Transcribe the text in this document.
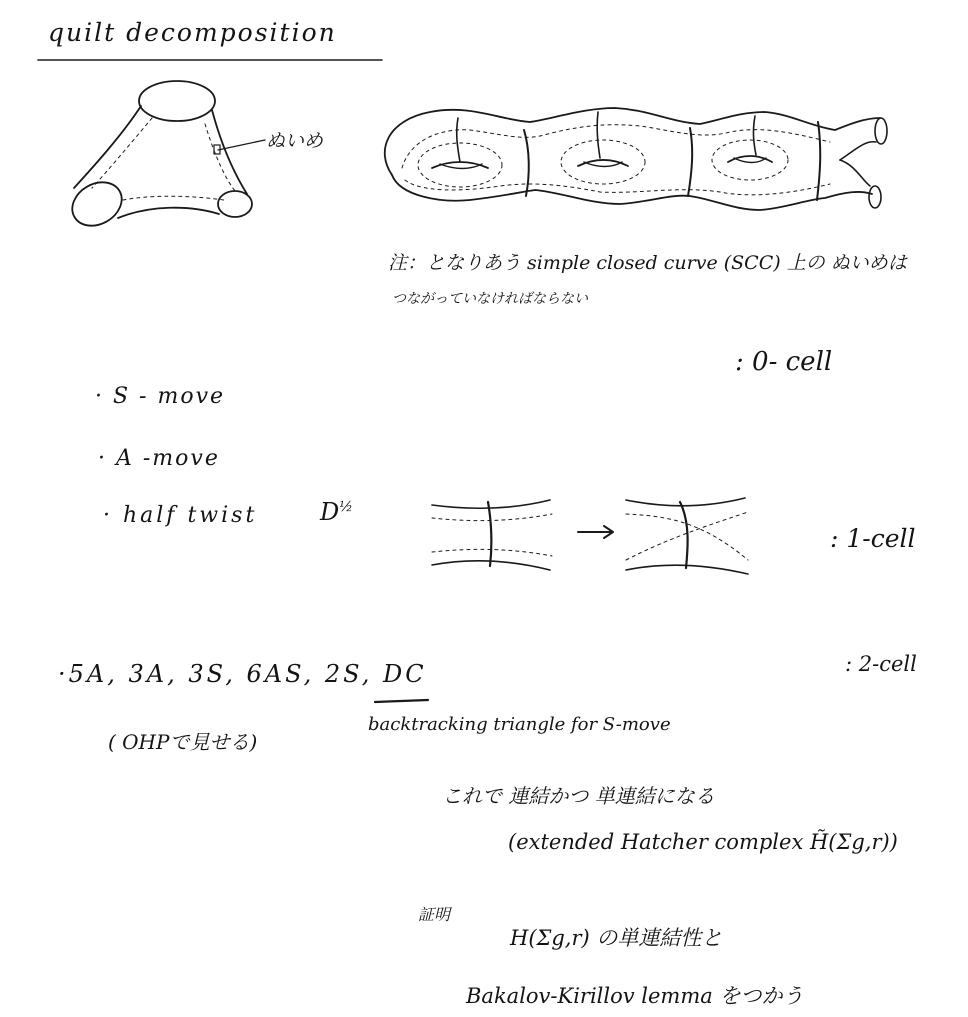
quilt decomposition
ぬいめ
注：となりあう simple closed curve (SCC) 上の ぬいめは
つながっていなければならない
: 0- cell
· S - move
· A -move
· half twist	$D^{\frac{1}{2}}$
: 1-cell
·5A, 3A, 3S, 6AS, 2S, DC	: 2-cell
( OHPで見せる)
backtracking triangle for S-move
これで 連結かつ 単連結になる
(extended Hatcher complex H̃(Σg,r))
証明
H(Σg,r) の単連結性と
Bakalov-Kirillov lemma をつかう
